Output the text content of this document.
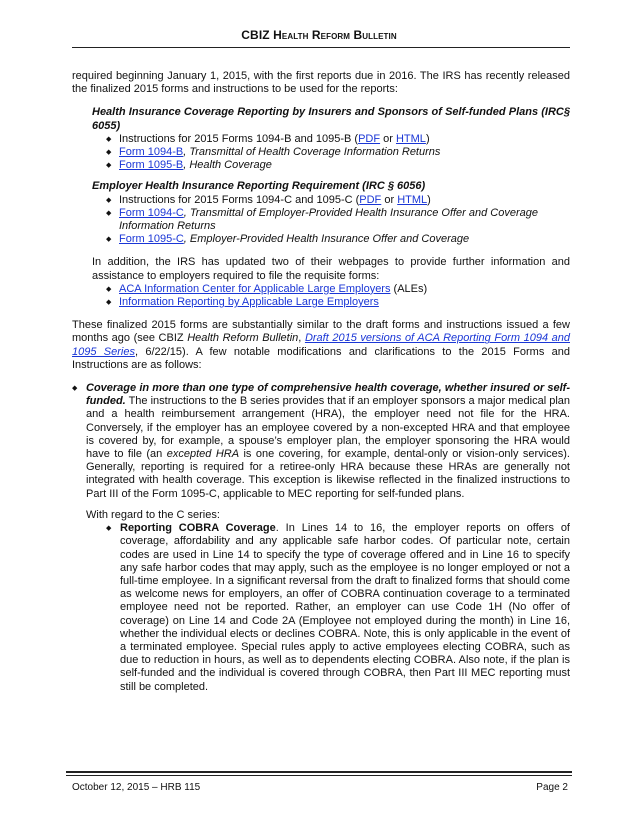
CBIZ Health Reform Bulletin

required beginning January 1, 2015, with the first reports due in 2016. The IRS has recently released the finalized 2015 forms and instructions to be used for the reports:

Health Insurance Coverage Reporting by Insurers and Sponsors of Self-funded Plans (IRC§ 6055)

◆ Instructions for 2015 Forms 1094-B and 1095-B (PDF or HTML)
◆ Form 1094-B, Transmittal of Health Coverage Information Returns
◆ Form 1095-B, Health Coverage

Employer Health Insurance Reporting Requirement (IRC § 6056)

◆ Instructions for 2015 Forms 1094-C and 1095-C (PDF or HTML)
◆ Form 1094-C, Transmittal of Employer-Provided Health Insurance Offer and Coverage Information Returns
◆ Form 1095-C, Employer-Provided Health Insurance Offer and Coverage

In addition, the IRS has updated two of their webpages to provide further information and assistance to employers required to file the requisite forms:

◆ ACA Information Center for Applicable Large Employers (ALEs)
◆ Information Reporting by Applicable Large Employers

These finalized 2015 forms are substantially similar to the draft forms and instructions issued a few months ago (see CBIZ Health Reform Bulletin, Draft 2015 versions of ACA Reporting Form 1094 and 1095 Series, 6/22/15). A few notable modifications and clarifications to the 2015 Forms and Instructions are as follows:

◆ Coverage in more than one type of comprehensive health coverage, whether insured or self-funded. The instructions to the B series provides that if an employer sponsors a major medical plan and a health reimbursement arrangement (HRA), the employer need not file for the HRA. Conversely, if the employer has an employee covered by a non-excepted HRA and that employee is covered by, for example, a spouse’s employer plan, the employer sponsoring the HRA would have to file (an excepted HRA is one covering, for example, dental-only or vision-only services). Generally, reporting is required for a retiree-only HRA because these HRAs are generally not integrated with health coverage. This exception is likewise reflected in the finalized instructions to Part III of the Form 1095-C, applicable to MEC reporting for self-funded plans.

With regard to the C series:

◆ Reporting COBRA Coverage. In Lines 14 to 16, the employer reports on offers of coverage, affordability and any applicable safe harbor codes. Of particular note, certain codes are used in Line 14 to specify the type of coverage offered and in Line 16 to specify any safe harbor codes that may apply, such as the employee is no longer employed or not a full-time employee. In a significant reversal from the draft to finalized forms that should come as welcome news for employers, an offer of COBRA continuation coverage to a terminated employee need not be reported. Rather, an employer can use Code 1H (No offer of coverage) on Line 14 and Code 2A (Employee not employed during the month) in Line 16, whether the individual elects or declines COBRA. Note, this is only applicable in the event of a terminated employee. Special rules apply to active employees electing COBRA, such as due to reduction in hours, as well as to dependents electing COBRA. Also note, if the plan is self-funded and the individual is covered through COBRA, then Part III MEC reporting must still be completed.

October 12, 2015 – HRB 115	Page 2
